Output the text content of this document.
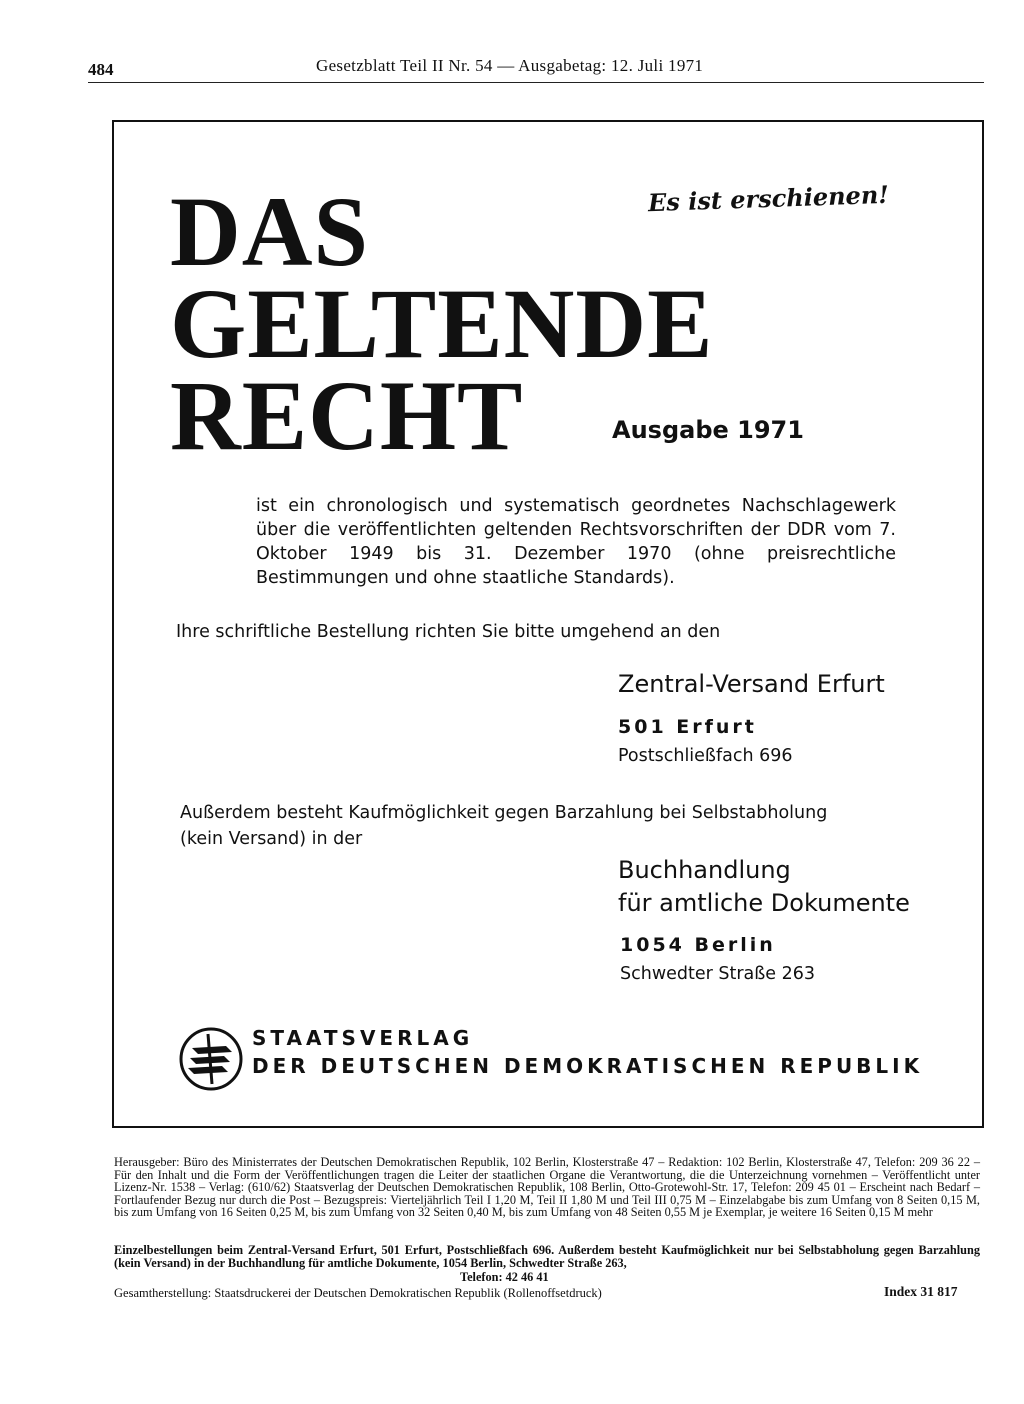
484	Gesetzblatt Teil II Nr. 54 — Ausgabetag: 12. Juli 1971
Es ist erschienen!
DAS
GELTENDE
RECHT	Ausgabe 1971
ist ein chronologisch und systematisch geordnetes Nachschlagewerk über die veröffentlichten geltenden Rechtsvorschriften der DDR vom 7. Oktober 1949 bis 31. Dezember 1970 (ohne preisrechtliche Bestimmungen und ohne staatliche Standards).
Ihre schriftliche Bestellung richten Sie bitte umgehend an den
Zentral-Versand Erfurt
501 Erfurt
Postschließfach 696
Außerdem besteht Kaufmöglichkeit gegen Barzahlung bei Selbstabholung (kein Versand) in der
Buchhandlung
für amtliche Dokumente
1054 Berlin
Schwedter Straße 263
STAATSVERLAG
DER DEUTSCHEN DEMOKRATISCHEN REPUBLIK

Herausgeber: Büro des Ministerrates der Deutschen Demokratischen Republik, 102 Berlin, Klosterstraße 47 – Redaktion: 102 Berlin, Klosterstraße 47, Telefon: 209 36 22 – Für den Inhalt und die Form der Veröffentlichungen tragen die Leiter der staatlichen Organe die Verantwortung, die die Unterzeichnung vornehmen – Veröffentlicht unter Lizenz-Nr. 1538 – Verlag: (610/62) Staatsverlag der Deutschen Demokratischen Republik, 108 Berlin, Otto-Grotewohl-Str. 17, Telefon: 209 45 01 – Erscheint nach Bedarf – Fortlaufender Bezug nur durch die Post – Bezugspreis: Vierteljährlich Teil I 1,20 M, Teil II 1,80 M und Teil III 0,75 M – Einzelabgabe bis zum Umfang von 8 Seiten 0,15 M, bis zum Umfang von 16 Seiten 0,25 M, bis zum Umfang von 32 Seiten 0,40 M, bis zum Umfang von 48 Seiten 0,55 M je Exemplar, je weitere 16 Seiten 0,15 M mehr

Einzelbestellungen beim Zentral-Versand Erfurt, 501 Erfurt, Postschließfach 696. Außerdem besteht Kaufmöglichkeit nur bei Selbstabholung gegen Barzahlung (kein Versand) in der Buchhandlung für amtliche Dokumente, 1054 Berlin, Schwedter Straße 263,
Telefon: 42 46 41
Gesamtherstellung: Staatsdruckerei der Deutschen Demokratischen Republik (Rollenoffsetdruck)	Index 31 817
